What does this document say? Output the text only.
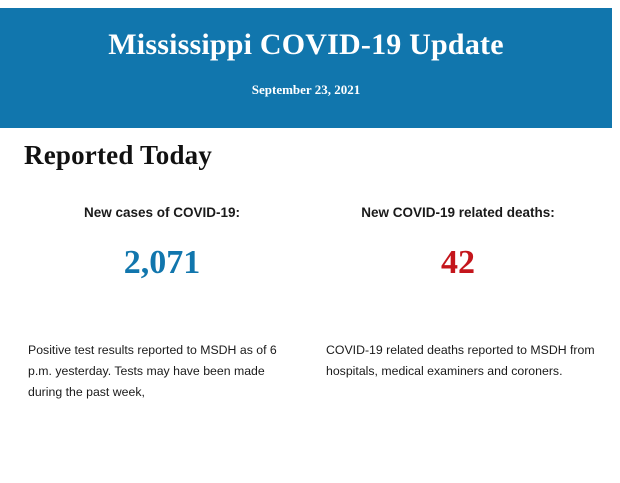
Mississippi COVID-19 Update
September 23, 2021
Reported Today
New cases of COVID-19:
2,071
New COVID-19 related deaths:
42
Positive test results reported to MSDH as of 6 p.m. yesterday. Tests may have been made during the past week,
COVID-19 related deaths reported to MSDH from hospitals, medical examiners and coroners.
